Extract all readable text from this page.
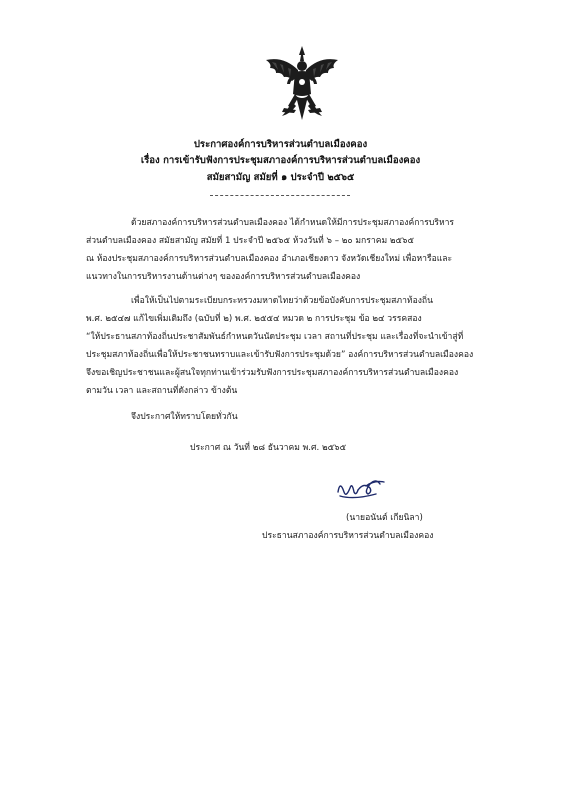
ประกาศองค์การบริหารส่วนตำบลเมืองคอง
เรื่อง การเข้ารับฟังการประชุมสภาองค์การบริหารส่วนตำบลเมืองคอง
สมัยสามัญ สมัยที่ ๑ ประจำปี ๒๕๖๕
ด้วยสภาองค์การบริหารส่วนตำบลเมืองคอง ได้กำหนดให้มีการประชุมสภาองค์การบริหาร
ส่วนตำบลเมืองคอง สมัยสามัญ สมัยที่ 1 ประจำปี ๒๕๖๕ ห้วงวันที่ ๖ – ๒๐ มกราคม ๒๕๖๕
ณ ห้องประชุมสภาองค์การบริหารส่วนตำบลเมืองคอง อำเภอเชียงดาว จังหวัดเชียงใหม่ เพื่อหารือและ
แนวทางในการบริหารงานด้านต่างๆ ขององค์การบริหารส่วนตำบลเมืองคอง
เพื่อให้เป็นไปตามระเบียบกระทรวงมหาดไทยว่าด้วยข้อบังคับการประชุมสภาท้องถิ่น
พ.ศ. ๒๕๔๗ แก้ไขเพิ่มเติมถึง (ฉบับที่ ๒) พ.ศ. ๒๕๕๔ หมวด ๒ การประชุม ข้อ ๒๔ วรรคสอง
“ให้ประธานสภาท้องถิ่นประชาสัมพันธ์กำหนดวันนัดประชุม เวลา สถานที่ประชุม และเรื่องที่จะนำเข้าสู่ที่
ประชุมสภาท้องถิ่นเพื่อให้ประชาชนทราบและเข้ารับฟังการประชุมด้วย” องค์การบริหารส่วนตำบลเมืองคอง
จึงขอเชิญประชาชนและผู้สนใจทุกท่านเข้าร่วมรับฟังการประชุมสภาองค์การบริหารส่วนตำบลเมืองคอง
ตามวัน เวลา และสถานที่ดังกล่าว ข้างต้น
จึงประกาศให้ทราบโดยทั่วกัน
ประกาศ ณ วันที่ ๒๘ ธันวาคม พ.ศ. ๒๕๖๕
(นายอนันต์ เกียนิลา)
ประธานสภาองค์การบริหารส่วนตำบลเมืองคอง
